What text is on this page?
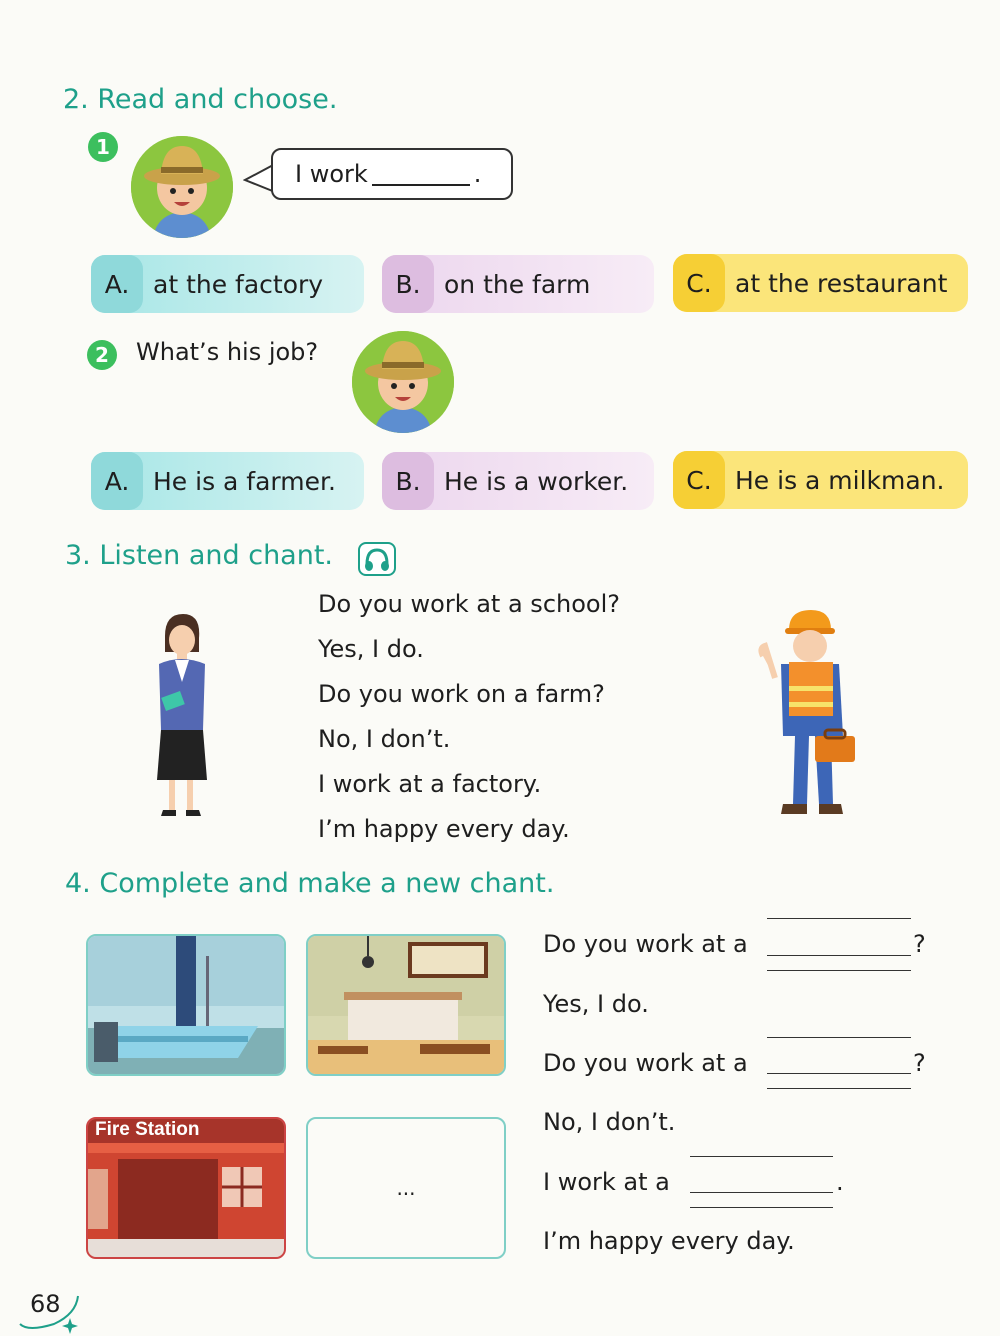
2. Read and choose.
1
I work	.
A. at the factory	B. on the farm	C. at the restaurant
2	What’s his job?
A. He is a farmer.	B. He is a worker.	C. He is a milkman.
3. Listen and chant.
Do you work at a school?
Yes, I do.
Do you work on a farm?
No, I don’t.
I work at a factory.
I’m happy every day.
4. Complete and make a new chant.
Fire Station
...
Do you work at a	?
Yes, I do.
Do you work at a	?
No, I don’t.
I work at a	.
I’m happy every day.
68
